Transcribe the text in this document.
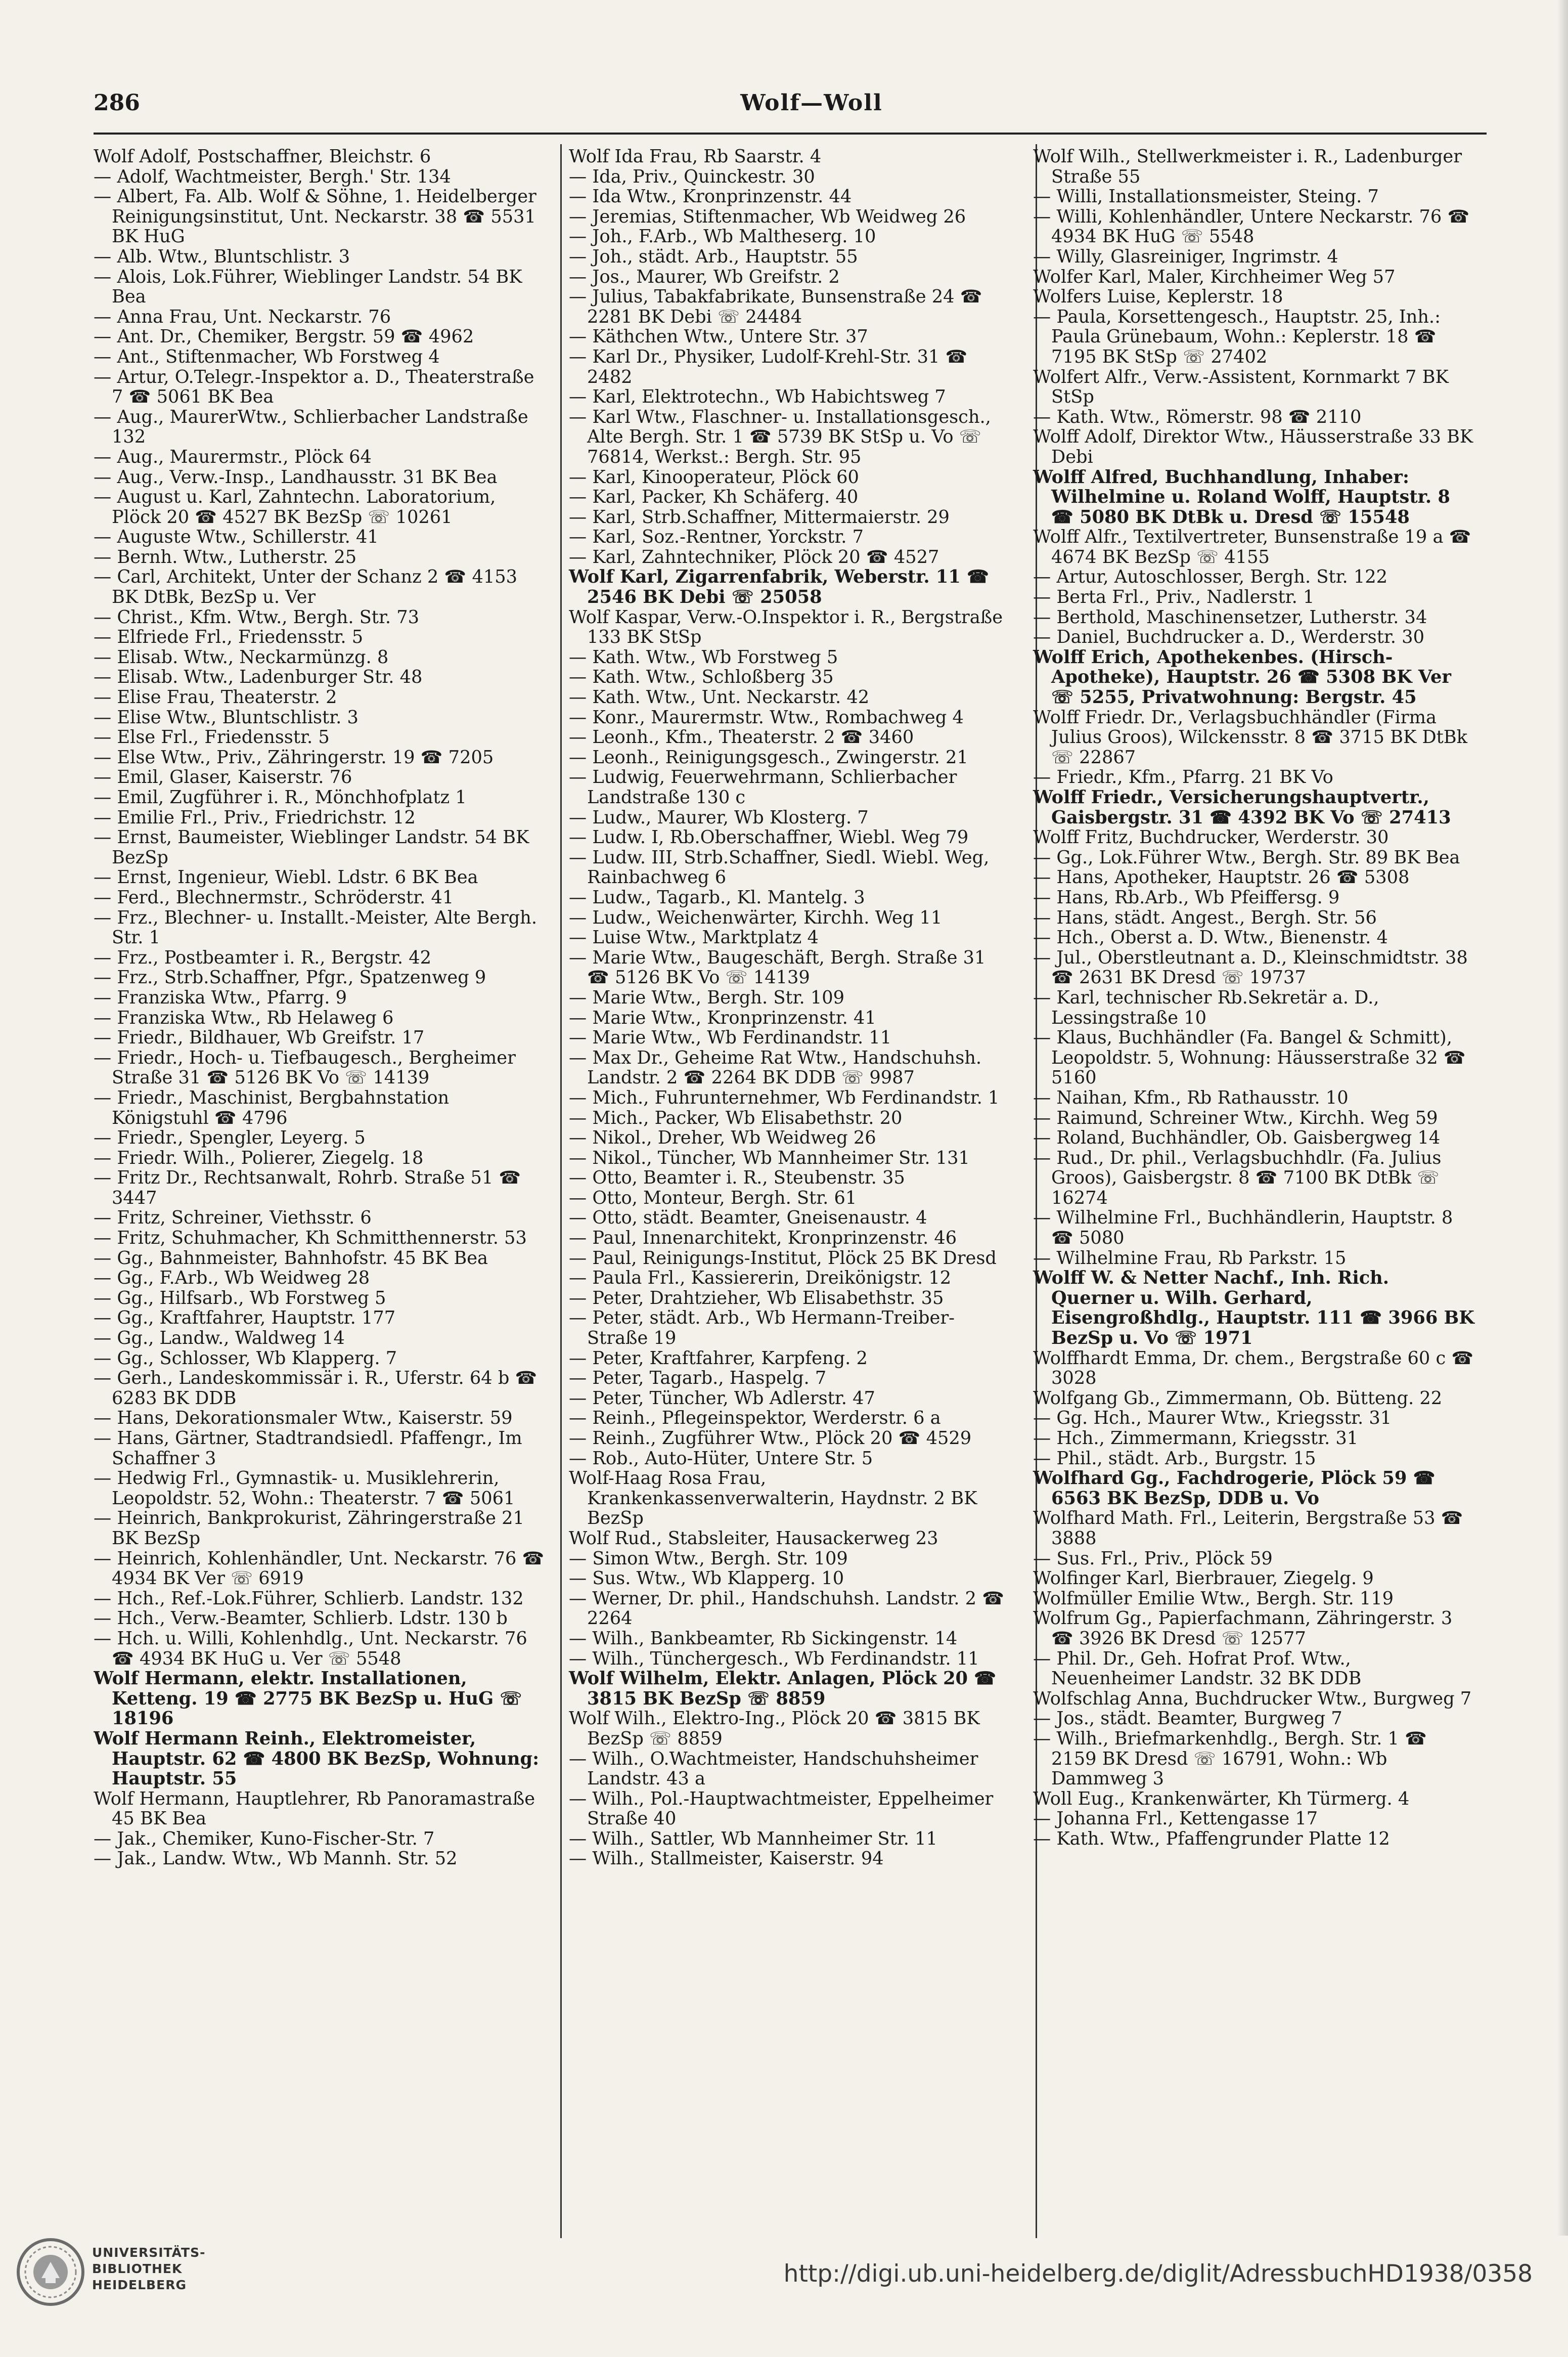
286	Wolf—Woll

Wolf Adolf, Postschaffner, Bleichstr. 6

— Adolf, Wachtmeister, Bergh.' Str. 134

— Albert, Fa. Alb. Wolf & Söhne, 1. Heidelberger Reinigungsinstitut, Unt. Neckarstr. 38 ☎ 5531 BK HuG

— Alb. Wtw., Bluntschlistr. 3

— Alois, Lok.Führer, Wieblinger Landstr. 54 BK Bea

— Anna Frau, Unt. Neckarstr. 76

— Ant. Dr., Chemiker, Bergstr. 59 ☎ 4962

— Ant., Stiftenmacher, Wb Forstweg 4

— Artur, O.Telegr.-Inspektor a. D., Theaterstraße 7 ☎ 5061 BK Bea

— Aug., MaurerWtw., Schlierbacher Landstraße 132

— Aug., Maurermstr., Plöck 64

— Aug., Verw.-Insp., Landhausstr. 31 BK Bea

— August u. Karl, Zahntechn. Laboratorium, Plöck 20 ☎ 4527 BK BezSp ☏ 10261

— Auguste Wtw., Schillerstr. 41

— Bernh. Wtw., Lutherstr. 25

— Carl, Architekt, Unter der Schanz 2 ☎ 4153 BK DtBk, BezSp u. Ver

— Christ., Kfm. Wtw., Bergh. Str. 73

— Elfriede Frl., Friedensstr. 5

— Elisab. Wtw., Neckarmünzg. 8

— Elisab. Wtw., Ladenburger Str. 48

— Elise Frau, Theaterstr. 2

— Elise Wtw., Bluntschlistr. 3

— Else Frl., Friedensstr. 5

— Else Wtw., Priv., Zähringerstr. 19 ☎ 7205

— Emil, Glaser, Kaiserstr. 76

— Emil, Zugführer i. R., Mönchhofplatz 1

— Emilie Frl., Priv., Friedrichstr. 12

— Ernst, Baumeister, Wieblinger Landstr. 54 BK BezSp

— Ernst, Ingenieur, Wiebl. Ldstr. 6 BK Bea

— Ferd., Blechnermstr., Schröderstr. 41

— Frz., Blechner- u. Installt.-Meister, Alte Bergh. Str. 1

— Frz., Postbeamter i. R., Bergstr. 42

— Frz., Strb.Schaffner, Pfgr., Spatzenweg 9

— Franziska Wtw., Pfarrg. 9

— Franziska Wtw., Rb Helaweg 6

— Friedr., Bildhauer, Wb Greifstr. 17

— Friedr., Hoch- u. Tiefbaugesch., Bergheimer Straße 31 ☎ 5126 BK Vo ☏ 14139

— Friedr., Maschinist, Bergbahnstation Königstuhl ☎ 4796

— Friedr., Spengler, Leyerg. 5

— Friedr. Wilh., Polierer, Ziegelg. 18

— Fritz Dr., Rechtsanwalt, Rohrb. Straße 51 ☎ 3447

— Fritz, Schreiner, Viethsstr. 6

— Fritz, Schuhmacher, Kh Schmitthennerstr. 53

— Gg., Bahnmeister, Bahnhofstr. 45 BK Bea

— Gg., F.Arb., Wb Weidweg 28

— Gg., Hilfsarb., Wb Forstweg 5

— Gg., Kraftfahrer, Hauptstr. 177

— Gg., Landw., Waldweg 14

— Gg., Schlosser, Wb Klapperg. 7

— Gerh., Landeskommissär i. R., Uferstr. 64 b ☎ 6283 BK DDB

— Hans, Dekorationsmaler Wtw., Kaiserstr. 59

— Hans, Gärtner, Stadtrandsiedl. Pfaffengr., Im Schaffner 3

— Hedwig Frl., Gymnastik- u. Musiklehrerin, Leopoldstr. 52, Wohn.: Theaterstr. 7 ☎ 5061

— Heinrich, Bankprokurist, Zähringerstraße 21 BK BezSp

— Heinrich, Kohlenhändler, Unt. Neckarstr. 76 ☎ 4934 BK Ver ☏ 6919

— Hch., Ref.-Lok.Führer, Schlierb. Landstr. 132

— Hch., Verw.-Beamter, Schlierb. Ldstr. 130 b

— Hch. u. Willi, Kohlenhdlg., Unt. Neckarstr. 76 ☎ 4934 BK HuG u. Ver ☏ 5548

Wolf Hermann, elektr. Installationen, Ketteng. 19 ☎ 2775 BK BezSp u. HuG ☏ 18196

Wolf Hermann Reinh., Elektromeister, Hauptstr. 62 ☎ 4800 BK BezSp, Wohnung: Hauptstr. 55

Wolf Hermann, Hauptlehrer, Rb Panoramastraße 45 BK Bea

— Jak., Chemiker, Kuno-Fischer-Str. 7

— Jak., Landw. Wtw., Wb Mannh. Str. 52

Wolf Ida Frau, Rb Saarstr. 4

— Ida, Priv., Quinckestr. 30

— Ida Wtw., Kronprinzenstr. 44

— Jeremias, Stiftenmacher, Wb Weidweg 26

— Joh., F.Arb., Wb Maltheserg. 10

— Joh., städt. Arb., Hauptstr. 55

— Jos., Maurer, Wb Greifstr. 2

— Julius, Tabakfabrikate, Bunsenstraße 24 ☎ 2281 BK Debi ☏ 24484

— Käthchen Wtw., Untere Str. 37

— Karl Dr., Physiker, Ludolf-Krehl-Str. 31 ☎ 2482

— Karl, Elektrotechn., Wb Habichtsweg 7

— Karl Wtw., Flaschner- u. Installationsgesch., Alte Bergh. Str. 1 ☎ 5739 BK StSp u. Vo ☏ 76814, Werkst.: Bergh. Str. 95

— Karl, Kinooperateur, Plöck 60

— Karl, Packer, Kh Schäferg. 40

— Karl, Strb.Schaffner, Mittermaierstr. 29

— Karl, Soz.-Rentner, Yorckstr. 7

— Karl, Zahntechniker, Plöck 20 ☎ 4527

Wolf Karl, Zigarrenfabrik, Weberstr. 11 ☎ 2546 BK Debi ☏ 25058

Wolf Kaspar, Verw.-O.Inspektor i. R., Bergstraße 133 BK StSp

— Kath. Wtw., Wb Forstweg 5

— Kath. Wtw., Schloßberg 35

— Kath. Wtw., Unt. Neckarstr. 42

— Konr., Maurermstr. Wtw., Rombachweg 4

— Leonh., Kfm., Theaterstr. 2 ☎ 3460

— Leonh., Reinigungsgesch., Zwingerstr. 21

— Ludwig, Feuerwehrmann, Schlierbacher Landstraße 130 c

— Ludw., Maurer, Wb Klosterg. 7

— Ludw. I, Rb.Oberschaffner, Wiebl. Weg 79

— Ludw. III, Strb.Schaffner, Siedl. Wiebl. Weg, Rainbachweg 6

— Ludw., Tagarb., Kl. Mantelg. 3

— Ludw., Weichenwärter, Kirchh. Weg 11

— Luise Wtw., Marktplatz 4

— Marie Wtw., Baugeschäft, Bergh. Straße 31 ☎ 5126 BK Vo ☏ 14139

— Marie Wtw., Bergh. Str. 109

— Marie Wtw., Kronprinzenstr. 41

— Marie Wtw., Wb Ferdinandstr. 11

— Max Dr., Geheime Rat Wtw., Handschuhsh. Landstr. 2 ☎ 2264 BK DDB ☏ 9987

— Mich., Fuhrunternehmer, Wb Ferdinandstr. 1

— Mich., Packer, Wb Elisabethstr. 20

— Nikol., Dreher, Wb Weidweg 26

— Nikol., Tüncher, Wb Mannheimer Str. 131

— Otto, Beamter i. R., Steubenstr. 35

— Otto, Monteur, Bergh. Str. 61

— Otto, städt. Beamter, Gneisenaustr. 4

— Paul, Innenarchitekt, Kronprinzenstr. 46

— Paul, Reinigungs-Institut, Plöck 25 BK Dresd

— Paula Frl., Kassiererin, Dreikönigstr. 12

— Peter, Drahtzieher, Wb Elisabethstr. 35

— Peter, städt. Arb., Wb Hermann-Treiber-Straße 19

— Peter, Kraftfahrer, Karpfeng. 2

— Peter, Tagarb., Haspelg. 7

— Peter, Tüncher, Wb Adlerstr. 47

— Reinh., Pflegeinspektor, Werderstr. 6 a

— Reinh., Zugführer Wtw., Plöck 20 ☎ 4529

— Rob., Auto-Hüter, Untere Str. 5

Wolf-Haag Rosa Frau, Krankenkassenverwalterin, Haydnstr. 2 BK BezSp

Wolf Rud., Stabsleiter, Hausackerweg 23

— Simon Wtw., Bergh. Str. 109

— Sus. Wtw., Wb Klapperg. 10

— Werner, Dr. phil., Handschuhsh. Landstr. 2 ☎ 2264

— Wilh., Bankbeamter, Rb Sickingenstr. 14

— Wilh., Tünchergesch., Wb Ferdinandstr. 11

Wolf Wilhelm, Elektr. Anlagen, Plöck 20 ☎ 3815 BK BezSp ☏ 8859

Wolf Wilh., Elektro-Ing., Plöck 20 ☎ 3815 BK BezSp ☏ 8859

— Wilh., O.Wachtmeister, Handschuhsheimer Landstr. 43 a

— Wilh., Pol.-Hauptwachtmeister, Eppelheimer Straße 40

— Wilh., Sattler, Wb Mannheimer Str. 11

— Wilh., Stallmeister, Kaiserstr. 94

Wolf Wilh., Stellwerkmeister i. R., Ladenburger Straße 55

— Willi, Installationsmeister, Steing. 7

— Willi, Kohlenhändler, Untere Neckarstr. 76 ☎ 4934 BK HuG ☏ 5548

— Willy, Glasreiniger, Ingrimstr. 4

Wolfer Karl, Maler, Kirchheimer Weg 57

Wolfers Luise, Keplerstr. 18

— Paula, Korsettengesch., Hauptstr. 25, Inh.: Paula Grünebaum, Wohn.: Keplerstr. 18 ☎ 7195 BK StSp ☏ 27402

Wolfert Alfr., Verw.-Assistent, Kornmarkt 7 BK StSp

— Kath. Wtw., Römerstr. 98 ☎ 2110

Wolff Adolf, Direktor Wtw., Häusserstraße 33 BK Debi

Wolff Alfred, Buchhandlung, Inhaber: Wilhelmine u. Roland Wolff, Hauptstr. 8 ☎ 5080 BK DtBk u. Dresd ☏ 15548

Wolff Alfr., Textilvertreter, Bunsenstraße 19 a ☎ 4674 BK BezSp ☏ 4155

— Artur, Autoschlosser, Bergh. Str. 122

— Berta Frl., Priv., Nadlerstr. 1

— Berthold, Maschinensetzer, Lutherstr. 34

— Daniel, Buchdrucker a. D., Werderstr. 30

Wolff Erich, Apothekenbes. (Hirsch-Apotheke), Hauptstr. 26 ☎ 5308 BK Ver ☏ 5255, Privatwohnung: Bergstr. 45

Wolff Friedr. Dr., Verlagsbuchhändler (Firma Julius Groos), Wilckensstr. 8 ☎ 3715 BK DtBk ☏ 22867

— Friedr., Kfm., Pfarrg. 21 BK Vo

Wolff Friedr., Versicherungshauptvertr., Gaisbergstr. 31 ☎ 4392 BK Vo ☏ 27413

Wolff Fritz, Buchdrucker, Werderstr. 30

— Gg., Lok.Führer Wtw., Bergh. Str. 89 BK Bea

— Hans, Apotheker, Hauptstr. 26 ☎ 5308

— Hans, Rb.Arb., Wb Pfeiffersg. 9

— Hans, städt. Angest., Bergh. Str. 56

— Hch., Oberst a. D. Wtw., Bienenstr. 4

— Jul., Oberstleutnant a. D., Kleinschmidtstr. 38 ☎ 2631 BK Dresd ☏ 19737

— Karl, technischer Rb.Sekretär a. D., Lessingstraße 10

— Klaus, Buchhändler (Fa. Bangel & Schmitt), Leopoldstr. 5, Wohnung: Häusserstraße 32 ☎ 5160

— Naihan, Kfm., Rb Rathausstr. 10

— Raimund, Schreiner Wtw., Kirchh. Weg 59

— Roland, Buchhändler, Ob. Gaisbergweg 14

— Rud., Dr. phil., Verlagsbuchhdlr. (Fa. Julius Groos), Gaisbergstr. 8 ☎ 7100 BK DtBk ☏ 16274

— Wilhelmine Frl., Buchhändlerin, Hauptstr. 8 ☎ 5080

— Wilhelmine Frau, Rb Parkstr. 15

Wolff W. & Netter Nachf., Inh. Rich. Querner u. Wilh. Gerhard, Eisengroßhdlg., Hauptstr. 111 ☎ 3966 BK BezSp u. Vo ☏ 1971

Wolffhardt Emma, Dr. chem., Bergstraße 60 c ☎ 3028

Wolfgang Gb., Zimmermann, Ob. Bütteng. 22

— Gg. Hch., Maurer Wtw., Kriegsstr. 31

— Hch., Zimmermann, Kriegsstr. 31

— Phil., städt. Arb., Burgstr. 15

Wolfhard Gg., Fachdrogerie, Plöck 59 ☎ 6563 BK BezSp, DDB u. Vo

Wolfhard Math. Frl., Leiterin, Bergstraße 53 ☎ 3888

— Sus. Frl., Priv., Plöck 59

Wolfinger Karl, Bierbrauer, Ziegelg. 9

Wolfmüller Emilie Wtw., Bergh. Str. 119

Wolfrum Gg., Papierfachmann, Zähringerstr. 3 ☎ 3926 BK Dresd ☏ 12577

— Phil. Dr., Geh. Hofrat Prof. Wtw., Neuenheimer Landstr. 32 BK DDB

Wolfschlag Anna, Buchdrucker Wtw., Burgweg 7

— Jos., städt. Beamter, Burgweg 7

— Wilh., Briefmarkenhdlg., Bergh. Str. 1 ☎ 2159 BK Dresd ☏ 16791, Wohn.: Wb Dammweg 3

Woll Eug., Krankenwärter, Kh Türmerg. 4

— Johanna Frl., Kettengasse 17

— Kath. Wtw., Pfaffengrunder Platte 12

UNIVERSITÄTS-
BIBLIOTHEK
HEIDELBERG	http://digi.ub.uni-heidelberg.de/diglit/AdressbuchHD1938/0358
